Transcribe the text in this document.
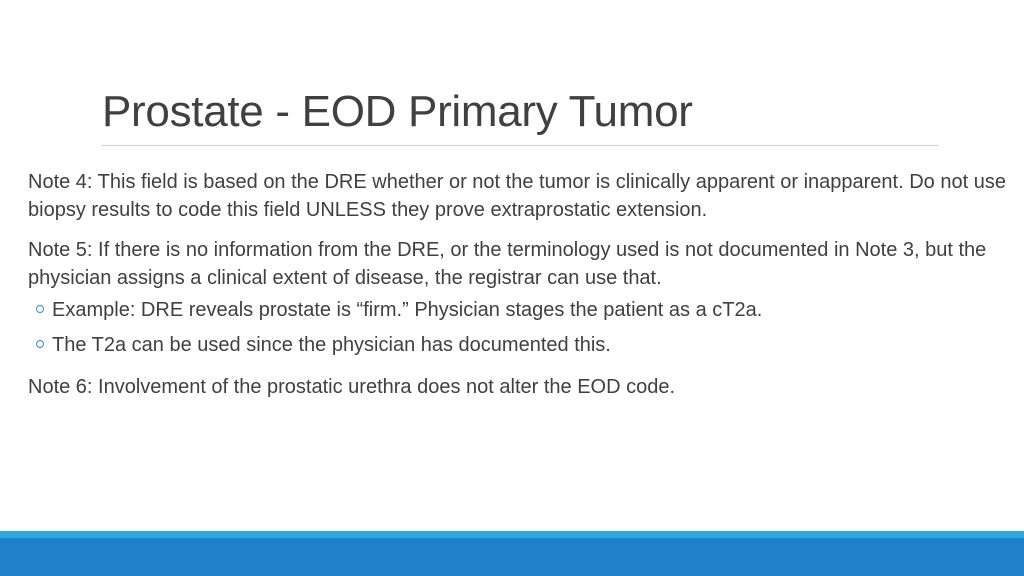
Prostate - EOD Primary Tumor

Note 4: This field is based on the DRE whether or not the tumor is clinically apparent or inapparent. Do not use biopsy results to code this field UNLESS they prove extraprostatic extension.

Note 5: If there is no information from the DRE, or the terminology used is not documented in Note 3, but the physician assigns a clinical extent of disease, the registrar can use that.

Example: DRE reveals prostate is “firm.” Physician stages the patient as a cT2a.
The T2a can be used since the physician has documented this.

Note 6: Involvement of the prostatic urethra does not alter the EOD code.
